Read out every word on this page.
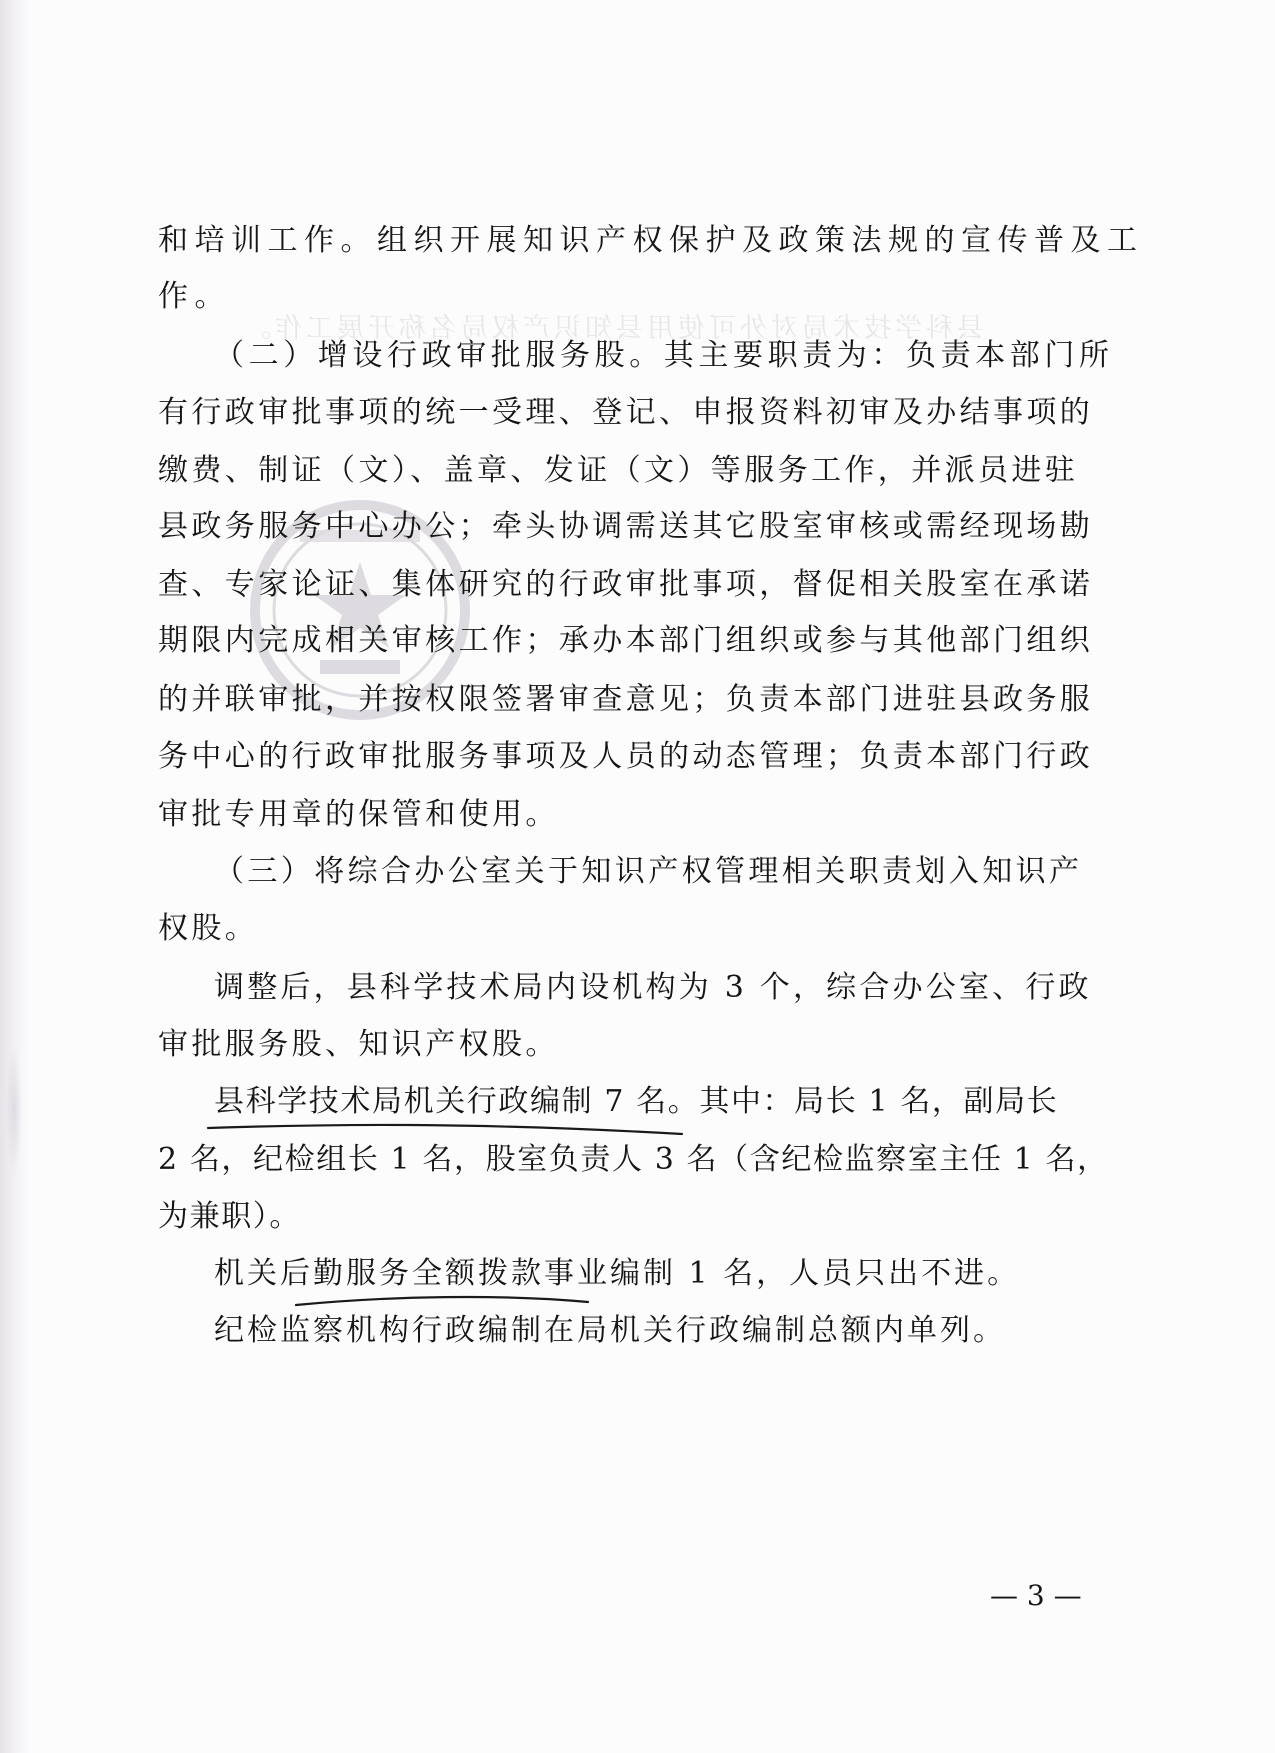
县科学技术局对外可使用县知识产权局名称开展工作。
和培训工作。组织开展知识产权保护及政策法规的宣传普及工
作。
（二）增设行政审批服务股。其主要职责为：负责本部门所
有行政审批事项的统一受理、登记、申报资料初审及办结事项的
缴费、制证（文）、盖章、发证（文）等服务工作，并派员进驻
县政务服务中心办公；牵头协调需送其它股室审核或需经现场勘
查、专家论证、集体研究的行政审批事项，督促相关股室在承诺
期限内完成相关审核工作；承办本部门组织或参与其他部门组织
的并联审批，并按权限签署审查意见；负责本部门进驻县政务服
务中心的行政审批服务事项及人员的动态管理；负责本部门行政
审批专用章的保管和使用。
（三）将综合办公室关于知识产权管理相关职责划入知识产
权股。
调整后，县科学技术局内设机构为 3 个，综合办公室、行政
审批服务股、知识产权股。
县科学技术局机关行政编制 7 名。其中：局长 1 名，副局长
2 名，纪检组长 1 名，股室负责人 3 名（含纪检监察室主任 1 名，
为兼职）。
机关后勤服务全额拨款事业编制 1 名，人员只出不进。
纪检监察机构行政编制在局机关行政编制总额内单列。
— 3 —
